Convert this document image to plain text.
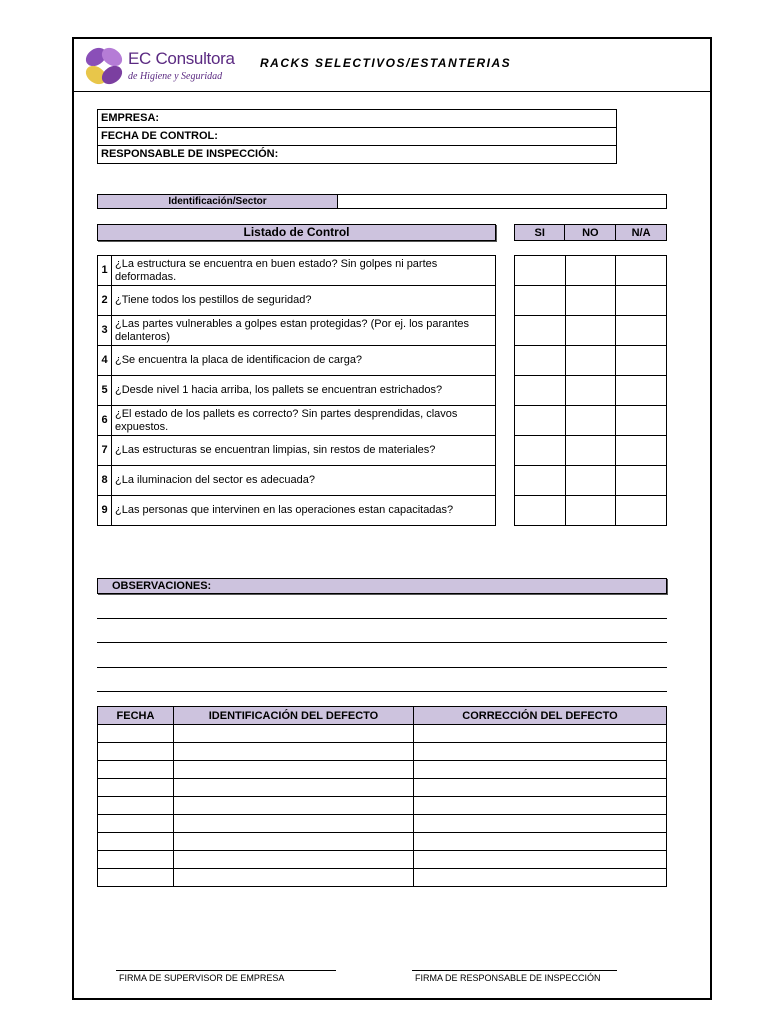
EC Consultora
de Higiene y Seguridad
RACKS SELECTIVOS/ESTANTERIAS
EMPRESA:
FECHA DE CONTROL:
RESPONSABLE DE INSPECCIÓN:
Identificación/Sector
Listado de Control	SI	NO	N/A
1	¿La estructura se encuentra en buen estado? Sin golpes ni partes deformadas.
2	¿Tiene todos los pestillos de seguridad?
3	¿Las partes vulnerables a golpes estan protegidas? (Por ej. los parantes delanteros)
4	¿Se encuentra la placa de identificacion de carga?
5	¿Desde nivel 1 hacia arriba, los pallets se encuentran estrichados?
6	¿El estado de los pallets es correcto? Sin partes desprendidas, clavos expuestos.
7	¿Las estructuras se encuentran limpias, sin restos de materiales?
8	¿La iluminacion del sector es adecuada?
9	¿Las personas que intervinen en las operaciones estan capacitadas?

OBSERVACIONES:
FECHA	IDENTIFICACIÓN DEL DEFECTO	CORRECCIÓN DEL DEFECTO

FIRMA DE SUPERVISOR DE EMPRESA	FIRMA DE RESPONSABLE DE INSPECCIÓN
